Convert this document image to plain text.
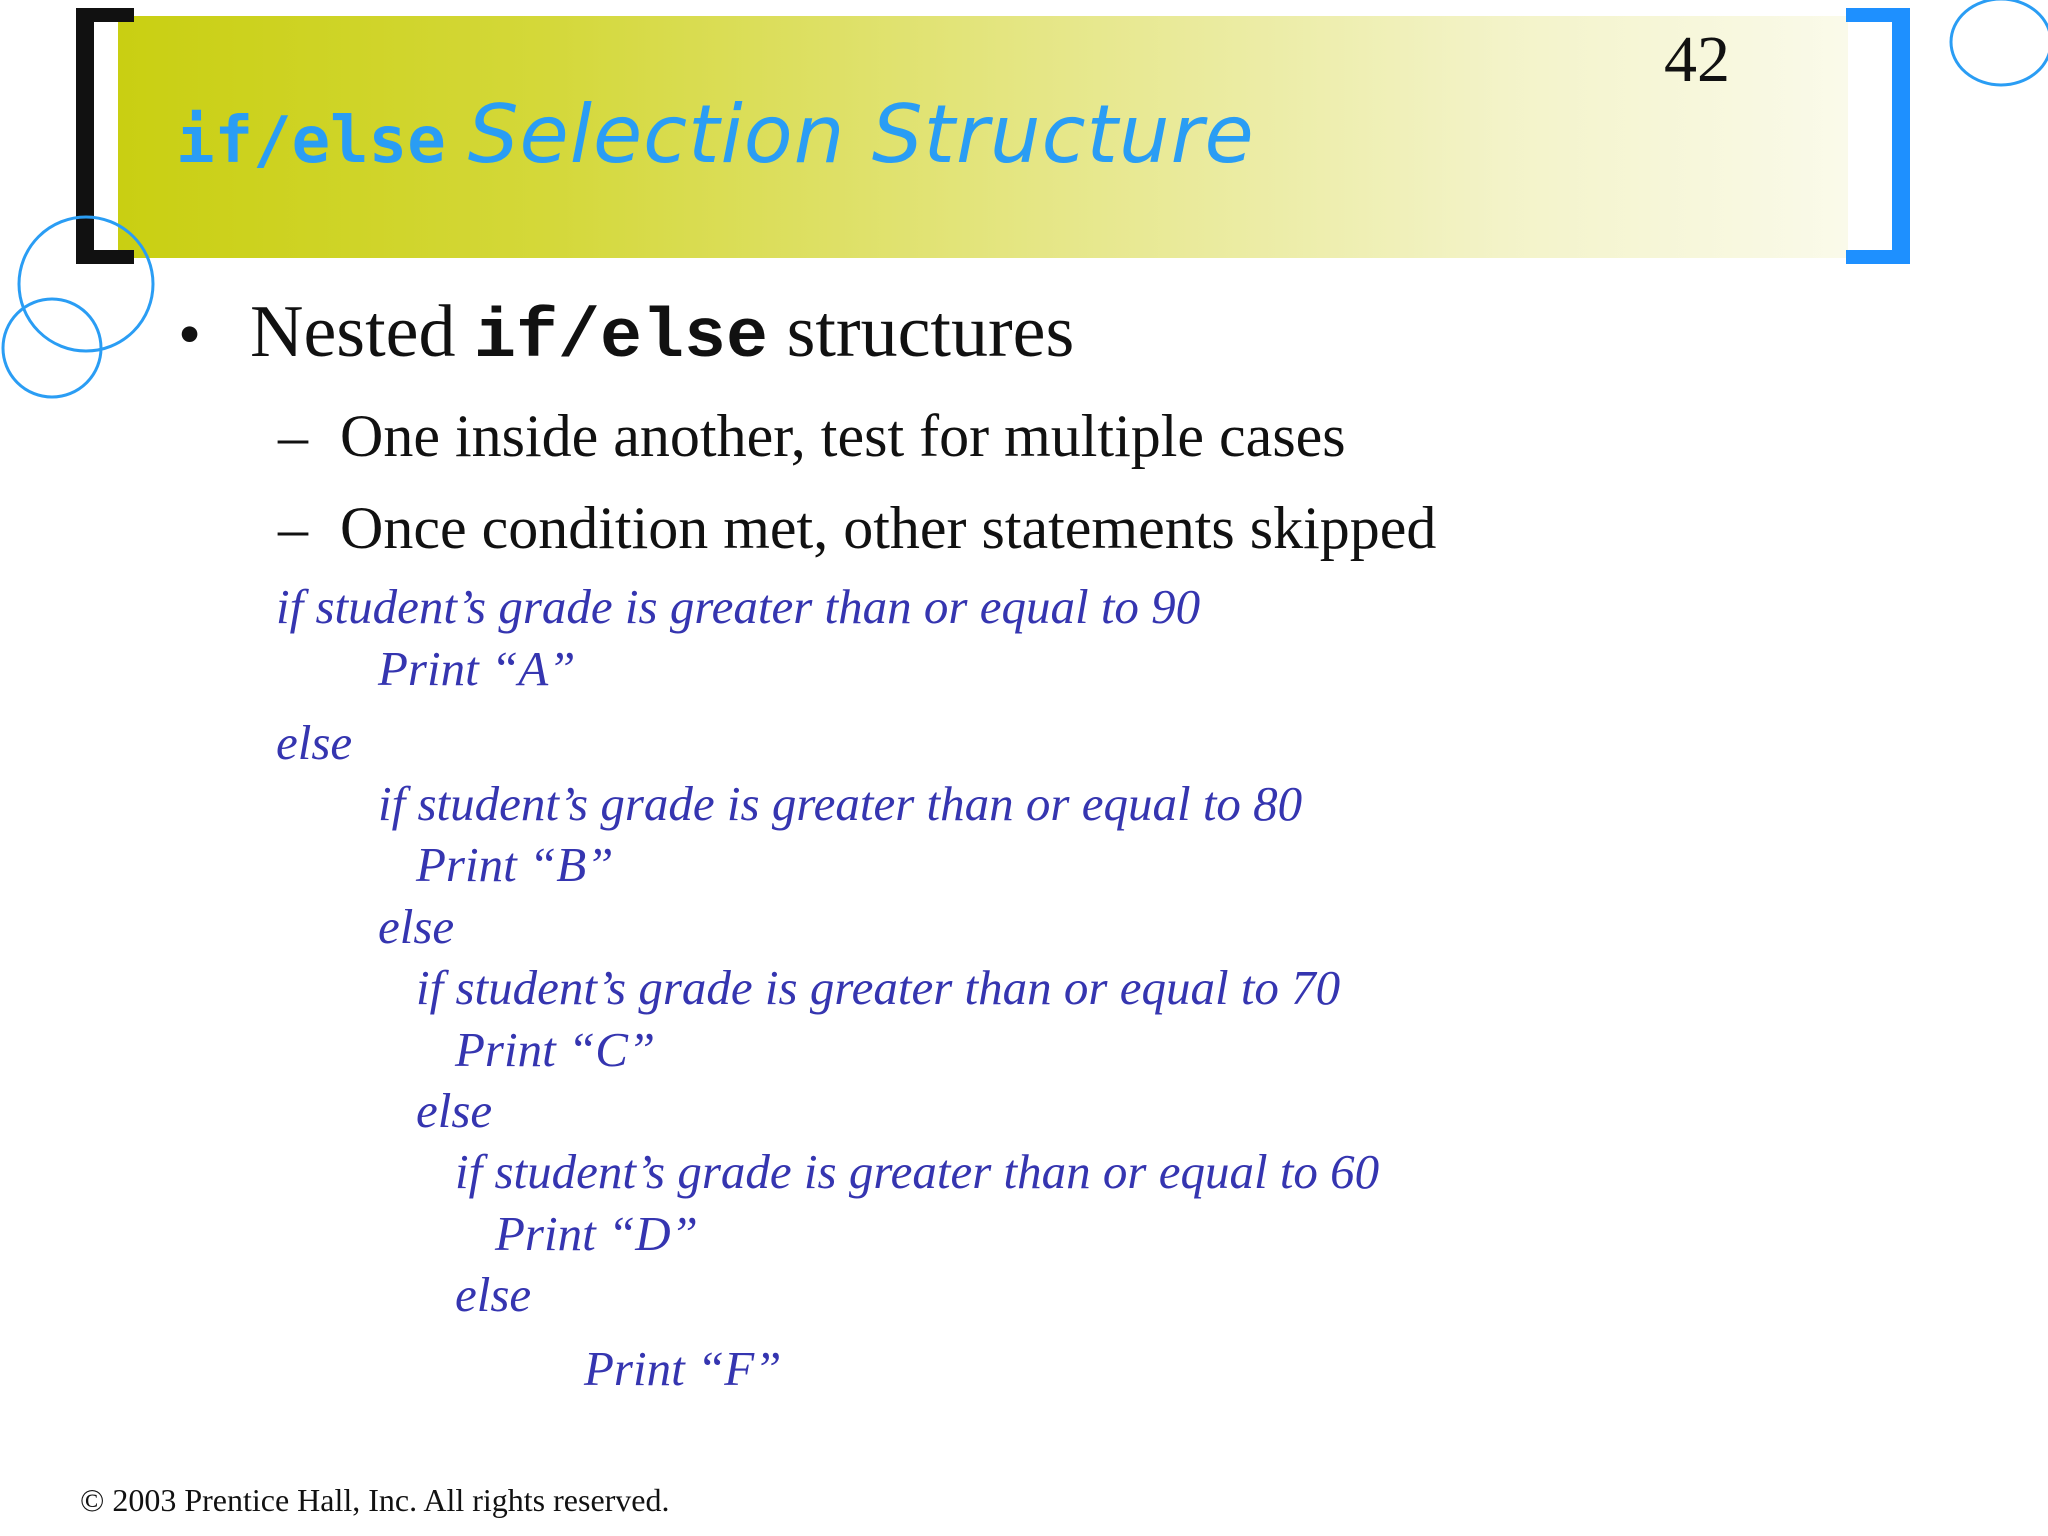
42
if/else Selection Structure
• Nested if/else structures
– One inside another, test for multiple cases
– Once condition met, other statements skipped
if student’s grade is greater than or equal to 90
Print “A”
else
if student’s grade is greater than or equal to 80
Print “B”
else
if student’s grade is greater than or equal to 70
Print “C”
else
if student’s grade is greater than or equal to 60
Print “D”
else
Print “F”
© 2003 Prentice Hall, Inc. All rights reserved.
